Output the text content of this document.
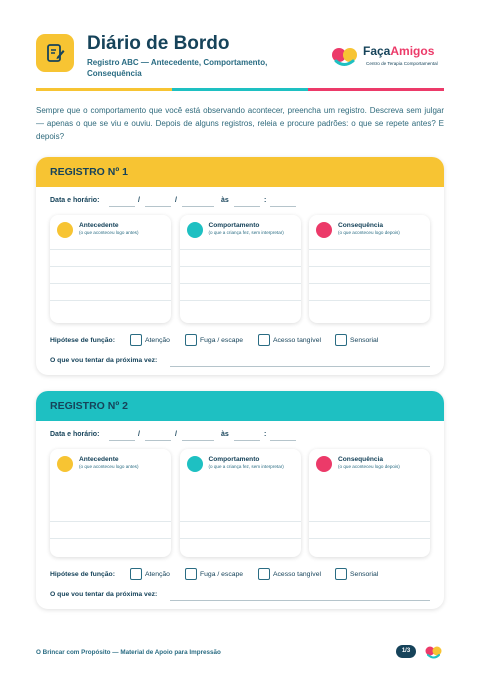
Diário de Bordo
Registro ABC — Antecedente, Comportamento, Consequência
FaçaAmigos
Centro de Terapia Comportamental
Sempre que o comportamento que você está observando acontecer, preencha um registro. Descreva sem julgar — apenas o que se viu e ouviu. Depois de alguns registros, releia e procure padrões: o que se repete antes? E depois?
REGISTRO Nº 1
Data e horário:	/	/	às	:
Antecedente
(o que aconteceu logo antes)
Comportamento
(o que a criança fez, sem interpretar)
Consequência
(o que aconteceu logo depois)
Hipótese de função:	Atenção	Fuga / escape	Acesso tangível	Sensorial
O que vou tentar da próxima vez:
REGISTRO Nº 2
Data e horário:	/	/	às	:
Antecedente
(o que aconteceu logo antes)
Comportamento
(o que a criança fez, sem interpretar)
Consequência
(o que aconteceu logo depois)
Hipótese de função:	Atenção	Fuga / escape	Acesso tangível	Sensorial
O que vou tentar da próxima vez:
O Brincar com Propósito — Material de Apoio para Impressão	1/3
